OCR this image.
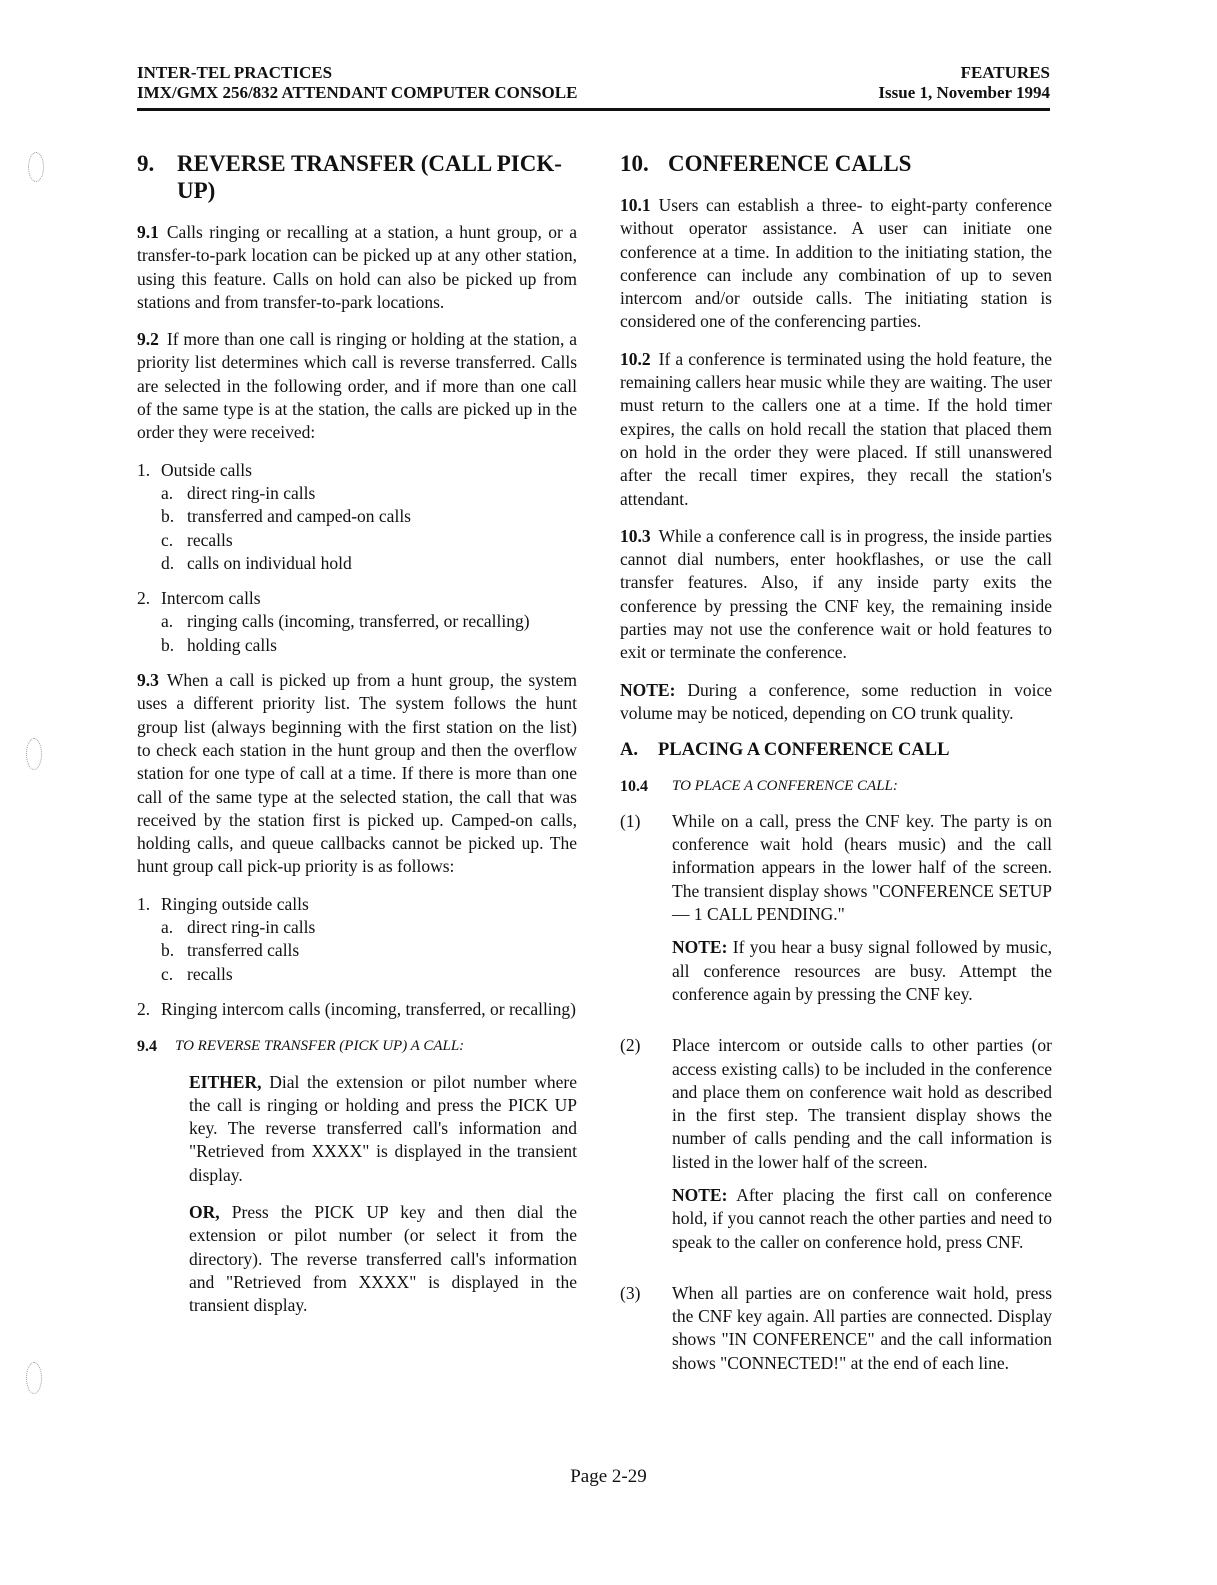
INTER-TEL PRACTICES
IMX/GMX 256/832 ATTENDANT COMPUTER CONSOLE
FEATURES
Issue 1, November 1994
9. REVERSE TRANSFER (CALL PICK-UP)

9.1 Calls ringing or recalling at a station, a hunt group, or a transfer-to-park location can be picked up at any other station, using this feature. Calls on hold can also be picked up from stations and from transfer-to-park locations.

9.2 If more than one call is ringing or holding at the station, a priority list determines which call is reverse transferred. Calls are selected in the following order, and if more than one call of the same type is at the station, the calls are picked up in the order they were received:

1. Outside calls
a. direct ring-in calls
b. transferred and camped-on calls
c. recalls
d. calls on individual hold
2. Intercom calls
a. ringing calls (incoming, transferred, or recalling)
b. holding calls

9.3 When a call is picked up from a hunt group, the system uses a different priority list. The system follows the hunt group list (always beginning with the first station on the list) to check each station in the hunt group and then the overflow station for one type of call at a time. If there is more than one call of the same type at the selected station, the call that was received by the station first is picked up. Camped-on calls, holding calls, and queue callbacks cannot be picked up. The hunt group call pick-up priority is as follows:

1. Ringing outside calls
a. direct ring-in calls
b. transferred calls
c. recalls
2. Ringing intercom calls (incoming, transferred, or recalling)
9.4	TO REVERSE TRANSFER (PICK UP) A CALL:

EITHER, Dial the extension or pilot number where the call is ringing or holding and press the PICK UP key. The reverse transferred call's information and "Retrieved from XXXX" is displayed in the transient display.

OR, Press the PICK UP key and then dial the extension or pilot number (or select it from the directory). The reverse transferred call's information and "Retrieved from XXXX" is displayed in the transient display.

10. CONFERENCE CALLS

10.1 Users can establish a three- to eight-party conference without operator assistance. A user can initiate one conference at a time. In addition to the initiating station, the conference can include any combination of up to seven intercom and/or outside calls. The initiating station is considered one of the conferencing parties.

10.2 If a conference is terminated using the hold feature, the remaining callers hear music while they are waiting. The user must return to the callers one at a time. If the hold timer expires, the calls on hold recall the station that placed them on hold in the order they were placed. If still unanswered after the recall timer expires, they recall the station's attendant.

10.3 While a conference call is in progress, the inside parties cannot dial numbers, enter hookflashes, or use the call transfer features. Also, if any inside party exits the conference by pressing the CNF key, the remaining inside parties may not use the conference wait or hold features to exit or terminate the conference.

NOTE: During a conference, some reduction in voice volume may be noticed, depending on CO trunk quality.

A.	PLACING A CONFERENCE CALL
10.4	TO PLACE A CONFERENCE CALL:
(1)	While on a call, press the CNF key. The party is on conference wait hold (hears music) and the call information appears in the lower half of the screen. The transient display shows "CONFERENCE SETUP — 1 CALL PENDING."

NOTE: If you hear a busy signal followed by music, all conference resources are busy. Attempt the conference again by pressing the CNF key.

(2)	Place intercom or outside calls to other parties (or access existing calls) to be included in the conference and place them on conference wait hold as described in the first step. The transient display shows the number of calls pending and the call information is listed in the lower half of the screen.

NOTE: After placing the first call on conference hold, if you cannot reach the other parties and need to speak to the caller on conference hold, press CNF.

(3)	When all parties are on conference wait hold, press the CNF key again. All parties are connected. Display shows "IN CONFERENCE" and the call information shows "CONNECTED!" at the end of each line.

Page 2-29
